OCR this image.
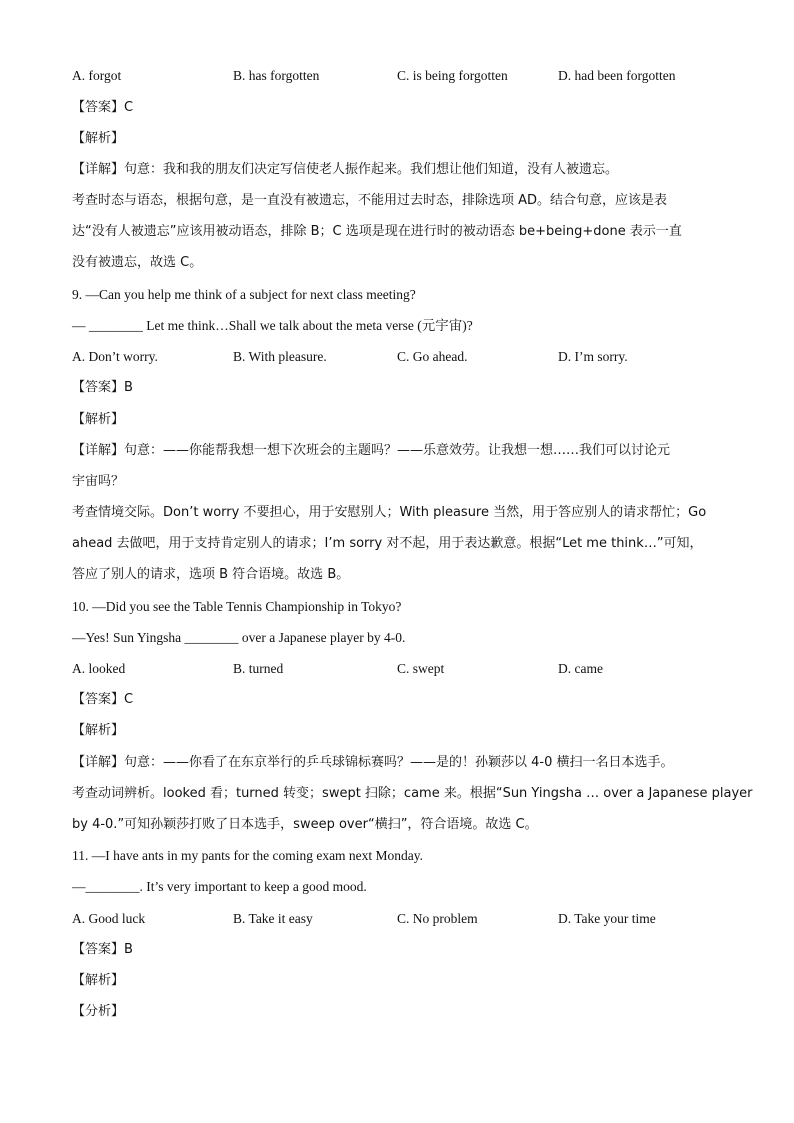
A. forgot	B. has forgotten	C. is being forgotten	D. had been forgotten
【答案】C
【解析】
【详解】句意：我和我的朋友们决定写信使老人振作起来。我们想让他们知道，没有人被遗忘。
考查时态与语态，根据句意，是一直没有被遗忘，不能用过去时态，排除选项 AD。结合句意，应该是表
达“没有人被遗忘”应该用被动语态，排除 B；C 选项是现在进行时的被动语态 be+being+done 表示一直
没有被遗忘，故选 C。
9. —Can you help me think of a subject for next class meeting?
— ________ Let me think…Shall we talk about the meta verse (元宇宙)?
A. Don’t worry.	B. With pleasure.	C. Go ahead.	D. I’m sorry.
【答案】B
【解析】
【详解】句意：——你能帮我想一想下次班会的主题吗？——乐意效劳。让我想一想……我们可以讨论元
宇宙吗？
考查情境交际。Don’t worry 不要担心，用于安慰别人；With pleasure 当然，用于答应别人的请求帮忙；Go
ahead 去做吧，用于支持肯定别人的请求；I’m sorry 对不起，用于表达歉意。根据“Let me think…”可知，
答应了别人的请求，选项 B 符合语境。故选 B。
10. —Did you see the Table Tennis Championship in Tokyo?
—Yes! Sun Yingsha ________ over a Japanese player by 4-0.
A. looked	B. turned	C. swept	D. came
【答案】C
【解析】
【详解】句意：——你看了在东京举行的乒乓球锦标赛吗？——是的！孙颖莎以 4-0 横扫一名日本选手。
考查动词辨析。looked 看；turned 转变；swept 扫除；came 来。根据“Sun Yingsha … over a Japanese player
by 4-0.”可知孙颖莎打败了日本选手，sweep over“横扫”，符合语境。故选 C。
11. —I have ants in my pants for the coming exam next Monday.
—________. It’s very important to keep a good mood.
A. Good luck	B. Take it easy	C. No problem	D. Take your time
【答案】B
【解析】
【分析】
